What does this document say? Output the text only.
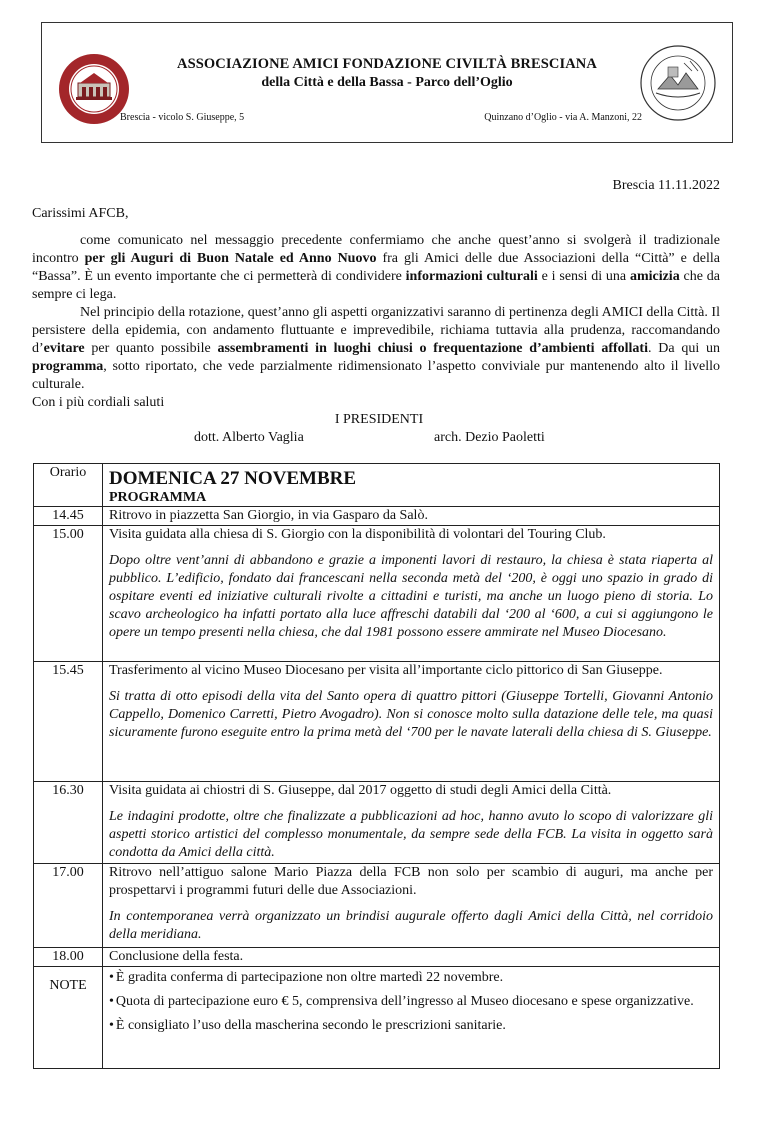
ASSOCIAZIONE AMICI FONDAZIONE CIVILTÀ BRESCIANA
della Città e della Bassa - Parco dell’Oglio
Brescia - vicolo S. Giuseppe, 5	Quinzano d’Oglio - via A. Manzoni, 22
Brescia 11.11.2022
Carissimi AFCB,
come comunicato nel messaggio precedente confermiamo che anche quest’anno si svolgerà il tradizionale incontro per gli Auguri di Buon Natale ed Anno Nuovo fra gli Amici delle due Associazioni della “Città” e della “Bassa”. È un evento importante che ci permetterà di condividere informazioni culturali e i sensi di una amicizia che da sempre ci lega.
Nel principio della rotazione, quest’anno gli aspetti organizzativi saranno di pertinenza degli AMICI della Città. Il persistere della epidemia, con andamento fluttuante e imprevedibile, richiama tuttavia alla prudenza, raccomandando d’evitare per quanto possibile assembramenti in luoghi chiusi o frequentazione d’ambienti affollati. Da qui un programma, sotto riportato, che vede parzialmente ridimensionato l’aspetto conviviale pur mantenendo alto il livello culturale.
Con i più cordiali saluti
I PRESIDENTI
dott. Alberto Vaglia	arch. Dezio Paoletti
Orario	DOMENICA 27 NOVEMBRE
PROGRAMMA

14.45	Ritrovo in piazzetta San Giorgio, in via Gasparo da Salò.

15.00	Visita guidata alla chiesa di S. Giorgio con la disponibilità di volontari del Touring Club.
Dopo oltre vent’anni di abbandono e grazie a imponenti lavori di restauro, la chiesa è stata riaperta al pubblico. L’edificio, fondato dai francescani nella seconda metà del ‘200, è oggi uno spazio in grado di ospitare eventi ed iniziative culturali rivolte a cittadini e turisti, ma anche un luogo pieno di storia. Lo scavo archeologico ha infatti portato alla luce affreschi databili dal ‘200 al ‘600, a cui si aggiungono le opere un tempo presenti nella chiesa, che dal 1981 possono essere ammirate nel Museo Diocesano.

15.45	Trasferimento al vicino Museo Diocesano per visita all’importante ciclo pittorico di San Giuseppe.
Si tratta di otto episodi della vita del Santo opera di quattro pittori (Giuseppe Tortelli, Giovanni Antonio Cappello, Domenico Carretti, Pietro Avogadro). Non si conosce molto sulla datazione delle tele, ma quasi sicuramente furono eseguite entro la prima metà del ‘700 per le navate laterali della chiesa di S. Giuseppe.

16.30	Visita guidata ai chiostri di S. Giuseppe, dal 2017 oggetto di studi degli Amici della Città.
Le indagini prodotte, oltre che finalizzate a pubblicazioni ad hoc, hanno avuto lo scopo di valorizzare gli aspetti storico artistici del complesso monumentale, da sempre sede della FCB. La visita in oggetto sarà condotta da Amici della città.

17.00	Ritrovo nell’attiguo salone Mario Piazza della FCB non solo per scambio di auguri, ma anche per prospettarvi i programmi futuri delle due Associazioni.
In contemporanea verrà organizzato un brindisi augurale offerto dagli Amici della Città, nel corridoio della meridiana.

18.00	Conclusione della festa.

NOTE	• È gradita conferma di partecipazione non oltre martedì 22 novembre.
• Quota di partecipazione euro € 5, comprensiva dell’ingresso al Museo diocesano e spese organizzative.
• È consigliato l’uso della mascherina secondo le prescrizioni sanitarie.
